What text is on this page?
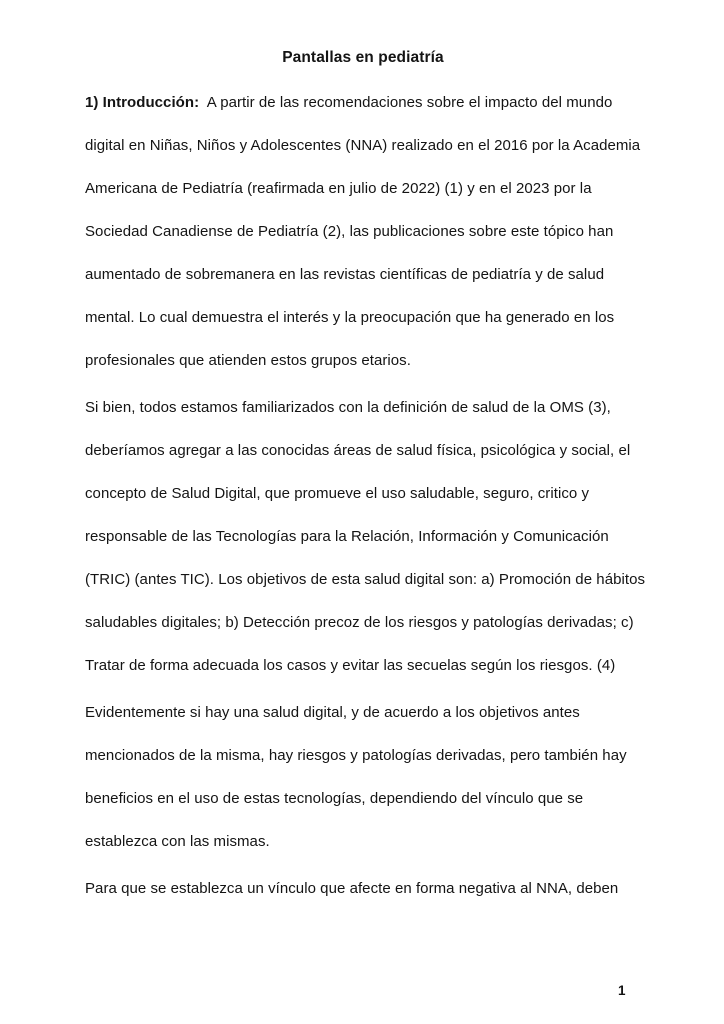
Pantallas en pediatría
1) Introducción:  A partir de las recomendaciones sobre el impacto del mundo
digital en Niñas, Niños y Adolescentes (NNA) realizado en el 2016 por la Academia
Americana de Pediatría (reafirmada en julio de 2022) (1) y en el 2023 por la
Sociedad Canadiense de Pediatría (2), las publicaciones sobre este tópico han
aumentado de sobremanera en las revistas científicas de pediatría y de salud
mental. Lo cual demuestra el interés y la preocupación que ha generado en los
profesionales que atienden estos grupos etarios.
Si bien, todos estamos familiarizados con la definición de salud de la OMS (3),
deberíamos agregar a las conocidas áreas de salud física, psicológica y social, el
concepto de Salud Digital, que promueve el uso saludable, seguro, critico y
responsable de las Tecnologías para la Relación, Información y Comunicación
(TRIC) (antes TIC). Los objetivos de esta salud digital son: a) Promoción de hábitos
saludables digitales; b) Detección precoz de los riesgos y patologías derivadas; c)
Tratar de forma adecuada los casos y evitar las secuelas según los riesgos. (4)
Evidentemente si hay una salud digital, y de acuerdo a los objetivos antes
mencionados de la misma, hay riesgos y patologías derivadas, pero también hay
beneficios en el uso de estas tecnologías, dependiendo del vínculo que se
establezca con las mismas.
Para que se establezca un vínculo que afecte en forma negativa al NNA, deben
1
